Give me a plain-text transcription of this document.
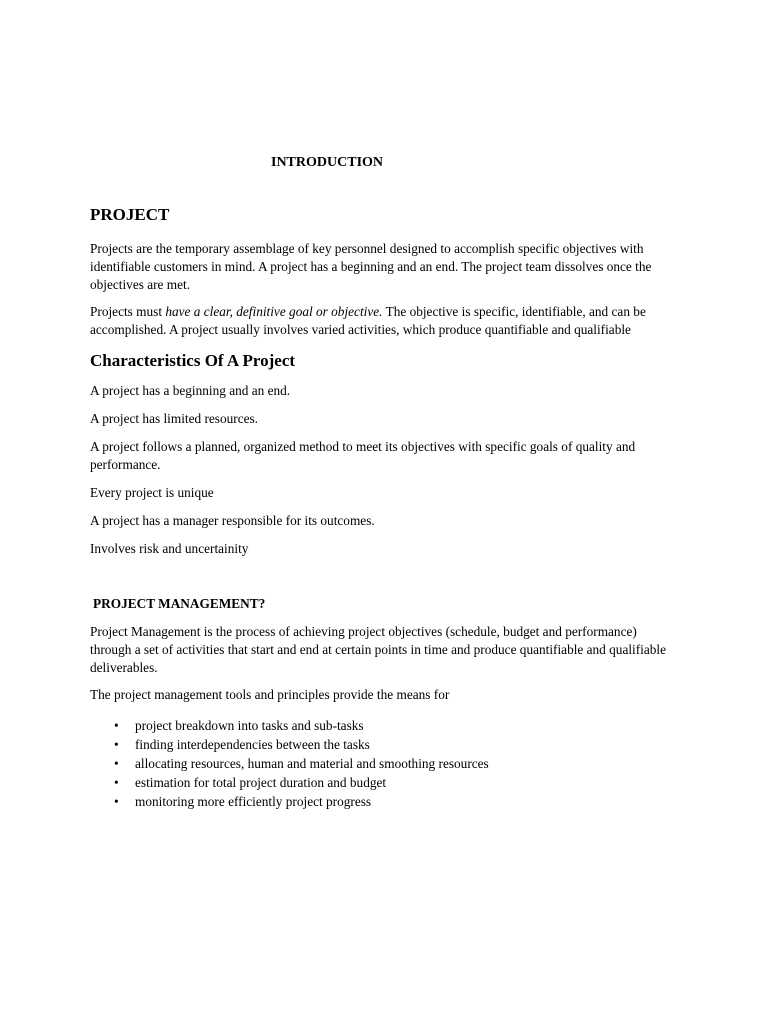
INTRODUCTION
PROJECT

Projects are the temporary assemblage of key personnel designed to accomplish specific objectives with identifiable customers in mind. A project has a beginning and an end. The project team dissolves once the objectives are met.

Projects must have a clear, definitive goal or objective. The objective is specific, identifiable, and can be accomplished. A project usually involves varied activities, which produce quantifiable and qualifiable

Characteristics Of A Project

A project has a beginning and an end.

A project has limited resources.

A project follows a planned, organized method to meet its objectives with specific goals of quality and performance.

Every project is unique

A project has a manager responsible for its outcomes.

Involves risk and uncertainity

PROJECT MANAGEMENT?

Project Management is the process of achieving project objectives (schedule, budget and performance) through a set of activities that start and end at certain points in time and produce quantifiable and qualifiable deliverables.

The project management tools and principles provide the means for

• project breakdown into tasks and sub-tasks
• finding interdependencies between the tasks
• allocating resources, human and material and smoothing resources
• estimation for total project duration and budget
• monitoring more efficiently project progress
